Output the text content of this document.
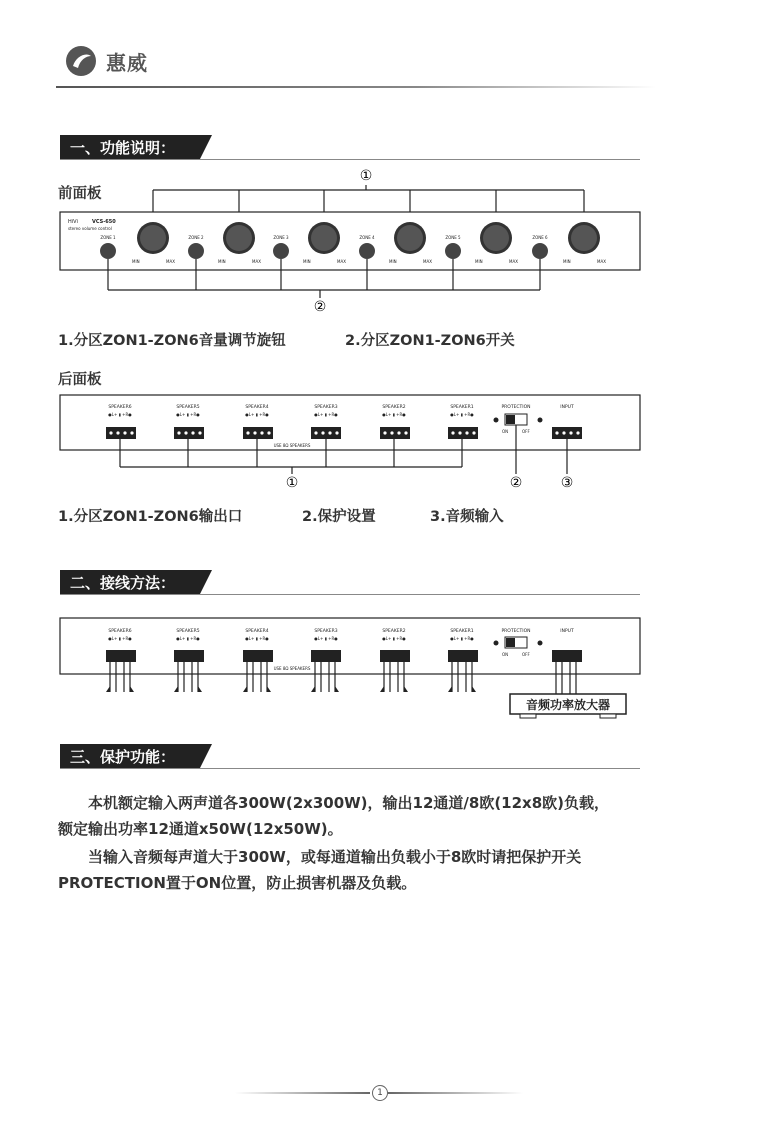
惠威
一、功能说明：
前面板
①
HiVi	VCS-650
stereo volume control
MIN	MAX	MIN	MAX	MIN	MAX	MIN	MAX	MIN	MAX	MIN	MAX
ZONE 1	ZONE 2	ZONE 3	ZONE 4	ZONE 5	ZONE 6
②
1.分区ZON1-ZON6音量调节旋钮	2.分区ZON1-ZON6开关
后面板
SPEAKER6	SPEAKER5	SPEAKER4	SPEAKER3	SPEAKER2	SPEAKER1	PROTECTION	INPUT
●L+ ▮ +R●	●L+ ▮ +R●	●L+ ▮ +R●	●L+ ▮ +R●	●L+ ▮ +R●	●L+ ▮ +R●
USE 8Ω SPEAKERS
ON	OFF
①	②	③
1.分区ZON1-ZON6输出口	2.保护设置	3.音频输入
二、接线方法：
SPEAKER6	SPEAKER5	SPEAKER4	SPEAKER3	SPEAKER2	SPEAKER1	PROTECTION	INPUT
●L+ ▮ +R●	●L+ ▮ +R●	●L+ ▮ +R●	●L+ ▮ +R●	●L+ ▮ +R●	●L+ ▮ +R●
USE 8Ω SPEAKERS
ON	OFF
音频功率放大器
三、保护功能：
本机额定输入两声道各300W(2x300W)，输出12通道/8欧(12x8欧)负载，
额定输出功率12通道x50W(12x50W)。
当输入音频每声道大于300W，或每通道输出负载小于8欧时请把保护开关
PROTECTION置于ON位置，防止损害机器及负载。
1
